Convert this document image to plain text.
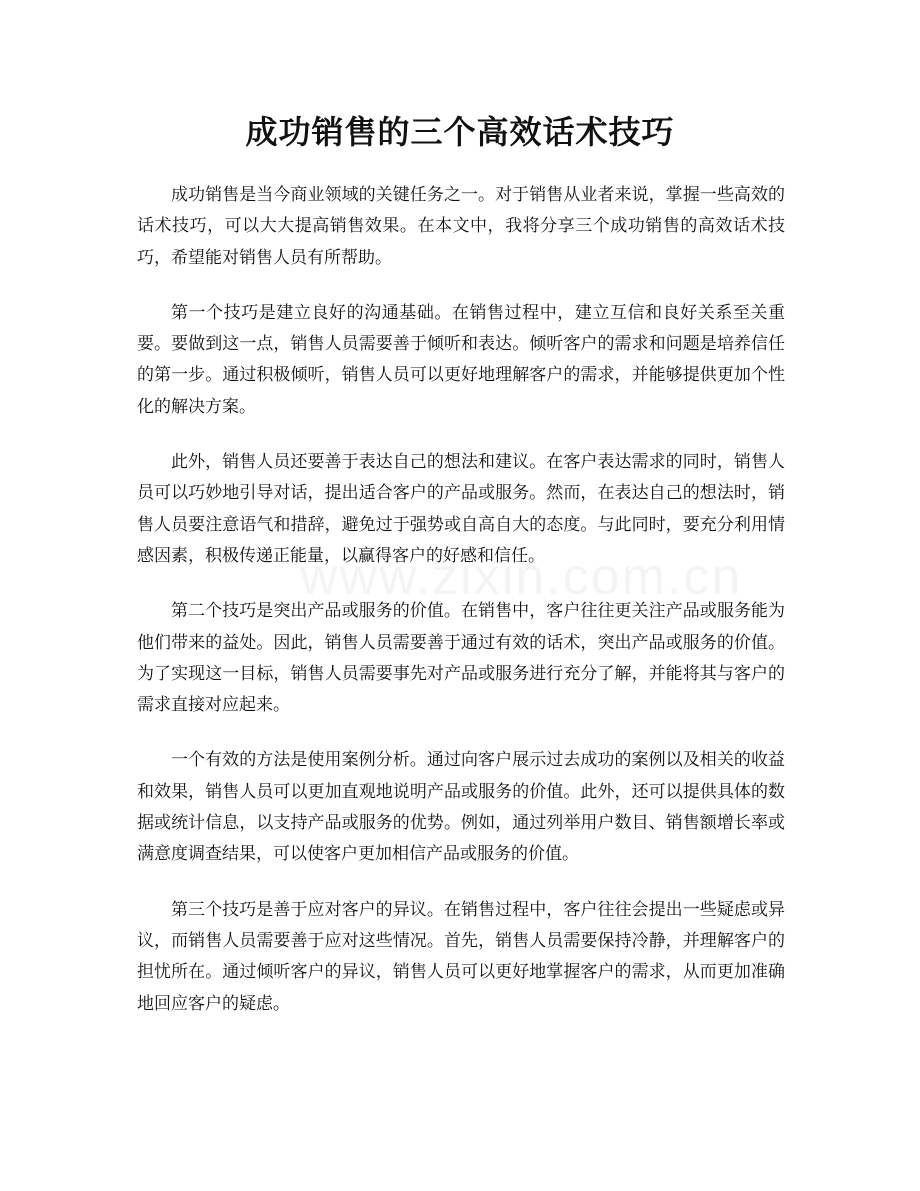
成功销售的三个高效话术技巧

成功销售是当今商业领域的关键任务之一。对于销售从业者来说，掌握一些高效的话术技巧，可以大大提高销售效果。在本文中，我将分享三个成功销售的高效话术技巧，希望能对销售人员有所帮助。

第一个技巧是建立良好的沟通基础。在销售过程中，建立互信和良好关系至关重要。要做到这一点，销售人员需要善于倾听和表达。倾听客户的需求和问题是培养信任的第一步。通过积极倾听，销售人员可以更好地理解客户的需求，并能够提供更加个性化的解决方案。

此外，销售人员还要善于表达自己的想法和建议。在客户表达需求的同时，销售人员可以巧妙地引导对话，提出适合客户的产品或服务。然而，在表达自己的想法时，销售人员要注意语气和措辞，避免过于强势或自高自大的态度。与此同时，要充分利用情感因素，积极传递正能量，以赢得客户的好感和信任。

第二个技巧是突出产品或服务的价值。在销售中，客户往往更关注产品或服务能为他们带来的益处。因此，销售人员需要善于通过有效的话术，突出产品或服务的价值。为了实现这一目标，销售人员需要事先对产品或服务进行充分了解，并能将其与客户的需求直接对应起来。

一个有效的方法是使用案例分析。通过向客户展示过去成功的案例以及相关的收益和效果，销售人员可以更加直观地说明产品或服务的价值。此外，还可以提供具体的数据或统计信息，以支持产品或服务的优势。例如，通过列举用户数目、销售额增长率或满意度调查结果，可以使客户更加相信产品或服务的价值。

第三个技巧是善于应对客户的异议。在销售过程中，客户往往会提出一些疑虑或异议，而销售人员需要善于应对这些情况。首先，销售人员需要保持冷静，并理解客户的担忧所在。通过倾听客户的异议，销售人员可以更好地掌握客户的需求，从而更加准确地回应客户的疑虑。
